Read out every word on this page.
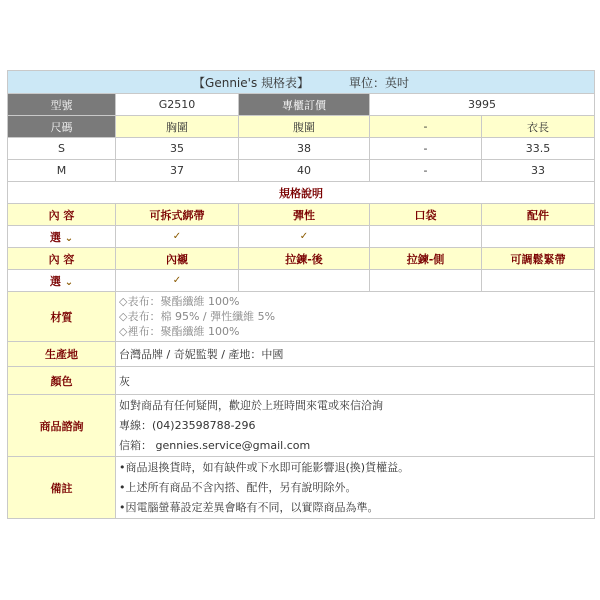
【Gennie's 規格表】 單位：英吋				
型號	G2510	專櫃訂價	3995	
尺碼	胸圍	腹圍	-	衣長
S	35	38	-	33.5
M	37	40	-	33
規格說明				
內 容	可拆式綁帶	彈性	口袋	配件
選 ⌄	✓	✓		
內 容	內襯	拉鍊-後	拉鍊-側	可調鬆緊帶
選 ⌄	✓			
材質	◇表布：聚酯纖維 100%
◇表布：棉 95% / 彈性纖維 5%
◇裡布：聚酯纖維 100%			

生產地	台灣品牌 / 奇妮監製 / 產地：中國			
顏色	灰			
商品諮詢	如對商品有任何疑問，歡迎於上班時間來電或來信洽詢
專線：(04)23598788-296
信箱： gennies.service@gmail.com			

備註	•商品退換貨時，如有缺件或下水即可能影響退(換)貨權益。
•上述所有商品不含內搭、配件，另有說明除外。
•因電腦螢幕設定差異會略有不同，以實際商品為準。			
